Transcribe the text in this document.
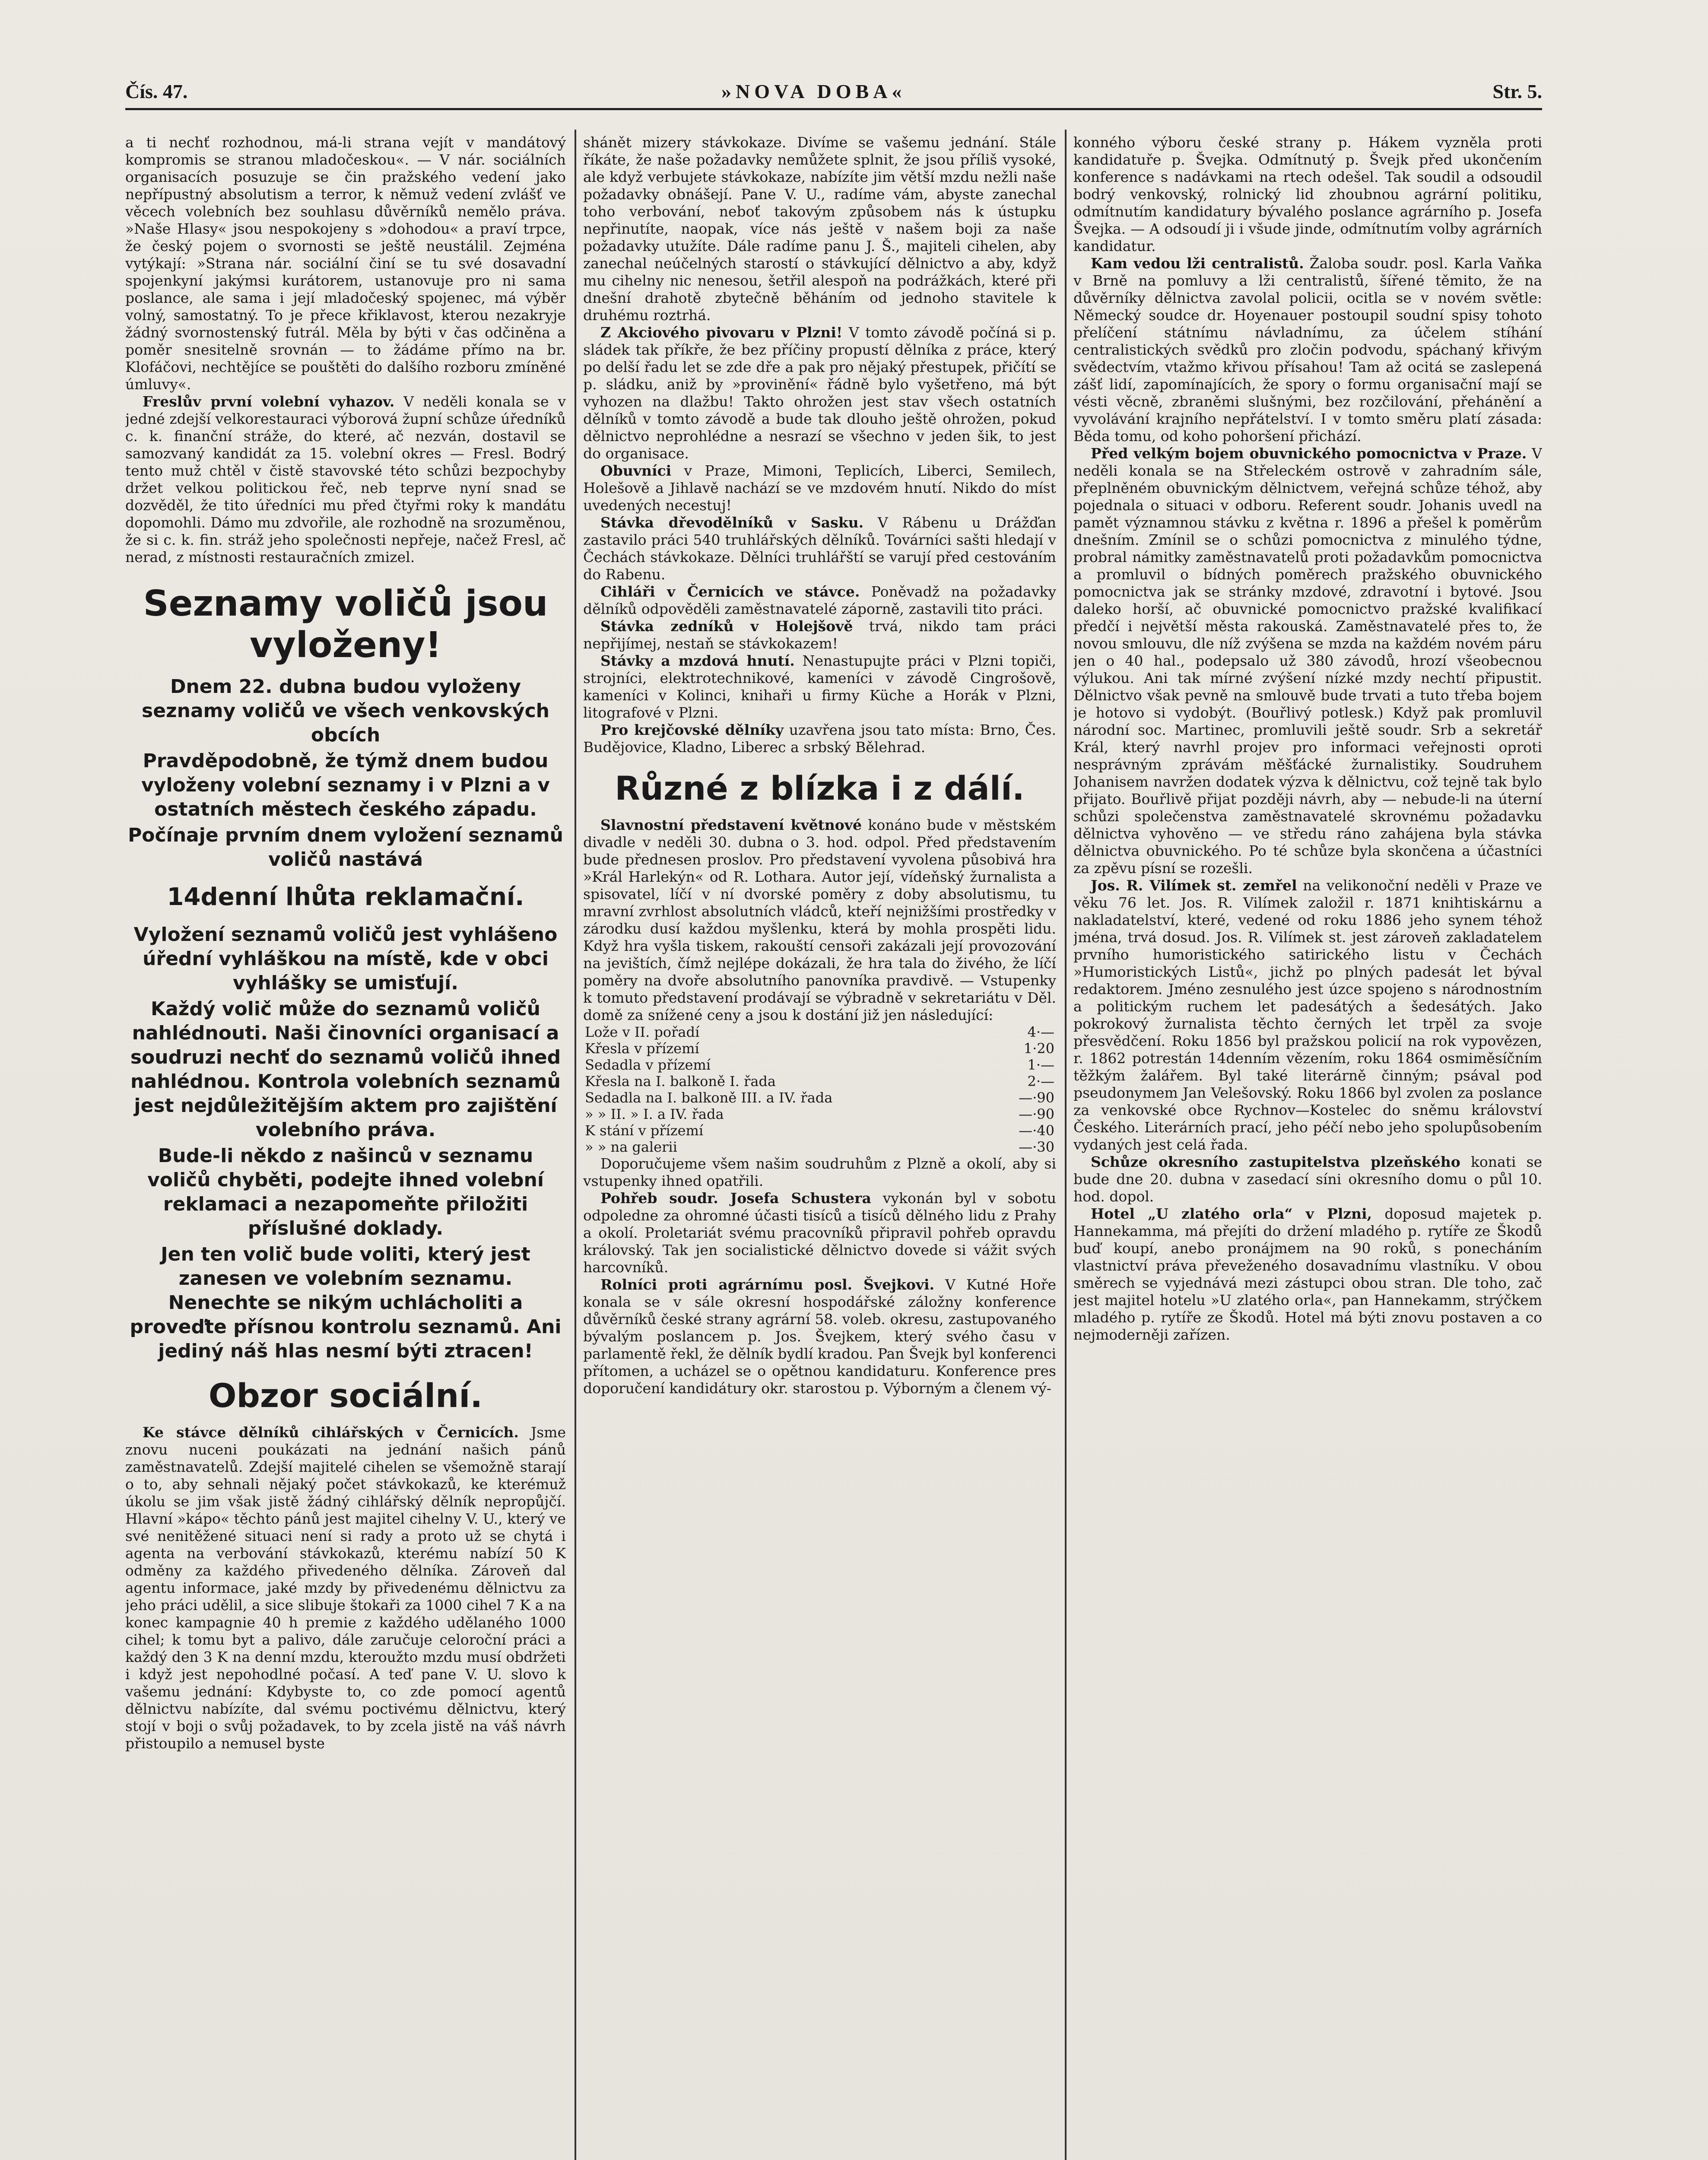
Čís. 47.	»NOVA DOBA«	Str. 5.

a ti nechť rozhodnou, má-li strana vejít v mandátový kompromis se stranou mladočeskou«. — V nár. sociálních organisacích posuzuje se čin pražského vedení jako nepřípustný absolutism a terror, k němuž vedení zvlášť ve věcech volebních bez souhlasu důvěrníků nemělo práva. »Naše Hlasy« jsou nespokojeny s »dohodou« a praví trpce, že český pojem o svornosti se ještě neustálil. Zejména vytýkají: »Strana nár. sociální činí se tu své dosavadní spojenkyní jakýmsi kurátorem, ustanovuje pro ni sama poslance, ale sama i její mladočeský spojenec, má výběr volný, samostatný. To je přece křiklavost, kterou nezakryje žádný svornostenský futrál. Měla by býti v čas odčiněna a poměr snesitelně srovnán — to žádáme přímo na br. Klofáčovi, nechtějíce se pouštěti do dalšího rozboru zmíněné úmluvy«.

Freslův první volební vyhazov. V neděli konala se v jedné zdejší velkorestauraci výborová župní schůze úředníků c. k. finanční stráže, do které, ač nezván, dostavil se samozvaný kandidát za 15. volební okres — Fresl. Bodrý tento muž chtěl v čistě stavovské této schůzi bezpochyby držet velkou politickou řeč, neb teprve nyní snad se dozvěděl, že tito úředníci mu před čtyřmi roky k mandátu dopomohli. Dámo mu zdvořile, ale rozhodně na srozuměnou, že si c. k. fin. stráž jeho společnosti nepřeje, načež Fresl, ač nerad, z místnosti restauračních zmizel.

Seznamy voličů jsou vyloženy!
Dnem 22. dubna budou vyloženy seznamy voličů ve všech venkovských obcích
Pravděpodobně, že týmž dnem budou vyloženy volební seznamy i v Plzni a v ostatních městech českého západu.
Počínaje prvním dnem vyložení seznamů voličů nastává
14denní lhůta reklamační.
Vyložení seznamů voličů jest vyhlášeno úřední vyhláškou na místě, kde v obci vyhlášky se umisťují.
Každý volič může do seznamů voličů nahlédnouti. Naši činovníci organisací a soudruzi nechť do seznamů voličů ihned nahlédnou. Kontrola volebních seznamů jest nejdůležitějším aktem pro zajištění volebního práva.
Bude-li někdo z našinců v seznamu voličů chyběti, podejte ihned volební reklamaci a nezapomeňte přiložiti příslušné doklady.
Jen ten volič bude voliti, který jest zanesen ve volebním seznamu. Nenechte se nikým uchlácholiti a proveďte přísnou kontrolu seznamů. Ani jediný náš hlas nesmí býti ztracen!
Obzor sociální.

Ke stávce dělníků cihlářských v Černicích. Jsme znovu nuceni poukázati na jednání našich pánů zaměstnavatelů. Zdejší majitelé cihelen se všemožně starají o to, aby sehnali nějaký počet stávkokazů, ke kterémuž úkolu se jim však jistě žádný cihlářský dělník nepropůjčí. Hlavní »kápo« těchto pánů jest majitel cihelny V. U., který ve své nenitěžené situaci není si rady a proto už se chytá i agenta na verbování stávkokazů, kterému nabízí 50 K odměny za každého přivedeného dělníka. Zároveň dal agentu informace, jaké mzdy by přivedenému dělnictvu za jeho práci udělil, a sice slibuje štokaři za 1000 cihel 7 K a na konec kampagnie 40 h premie z každého udělaného 1000 cihel; k tomu byt a palivo, dále zaručuje celoroční práci a každý den 3 K na denní mzdu, kteroužto mzdu musí obdržeti i když jest nepohodlné počasí. A teď pane V. U. slovo k vašemu jednání: Kdybyste to, co zde pomocí agentů dělnictvu nabízíte, dal svému poctivému dělnictvu, který stojí v boji o svůj požadavek, to by zcela jistě na váš návrh přistoupilo a nemusel byste

shánět mizery stávkokaze. Divíme se vašemu jednání. Stále říkáte, že naše požadavky nemůžete splnit, že jsou příliš vysoké, ale když verbujete stávkokaze, nabízíte jim větší mzdu nežli naše požadavky obnášejí. Pane V. U., radíme vám, abyste zanechal toho verbování, neboť takovým způsobem nás k ústupku nepřinutíte, naopak, více nás ještě v našem boji za naše požadavky utužíte. Dále radíme panu J. Š., majiteli cihelen, aby zanechal neúčelných starostí o stávkující dělnictvo a aby, když mu cihelny nic nenesou, šetřil alespoň na podrážkách, které při dnešní drahotě zbytečně běháním od jednoho stavitele k druhému roztrhá.

Z Akciového pivovaru v Plzni! V tomto závodě počíná si p. sládek tak příkře, že bez příčiny propustí dělníka z práce, který po delší řadu let se zde dře a pak pro nějaký přestupek, přičítí se p. sládku, aniž by »provinění« řádně bylo vyšetřeno, má být vyhozen na dlažbu! Takto ohrožen jest stav všech ostatních dělníků v tomto závodě a bude tak dlouho ještě ohrožen, pokud dělnictvo neprohlédne a nesrazí se všechno v jeden šik, to jest do organisace.

Obuvníci v Praze, Mimoni, Teplicích, Liberci, Semilech, Holešově a Jihlavě nachází se ve mzdovém hnutí. Nikdo do míst uvedených necestuj!

Stávka dřevodělníků v Sasku. V Rábenu u Drážďan zastavilo práci 540 truhlářských dělníků. Továrníci sašti hledají v Čechách stávkokaze. Dělníci truhlářští se varují před cestováním do Rabenu.

Cihláři v Černicích ve stávce. Poněvadž na požadavky dělníků odpověděli zaměstnavatelé záporně, zastavili tito práci.

Stávka zedníků v Holejšově trvá, nikdo tam práci nepřijímej, nestaň se stávkokazem!

Stávky a mzdová hnutí. Nenastupujte práci v Plzni topiči, strojníci, elektrotechnikové, kameníci v závodě Cingrošově, kameníci v Kolinci, knihaři u firmy Küche a Horák v Plzni, litografové v Plzni.

Pro krejčovské dělníky uzavřena jsou tato místa: Brno, Čes. Budějovice, Kladno, Liberec a srbský Bělehrad.

Různé z blízka i z dálí.

Slavnostní představení květnové konáno bude v městském divadle v neděli 30. dubna o 3. hod. odpol. Před představením bude přednesen proslov. Pro představení vyvolena působivá hra »Král Harlekýn« od R. Lothara. Autor její, vídeňský žurnalista a spisovatel, líčí v ní dvorské poměry z doby absolutismu, tu mravní zvrhlost absolutních vládců, kteří nejnižšími prostředky v zárodku dusí každou myšlenku, která by mohla prospěti lidu. Když hra vyšla tiskem, rakouští censoři zakázali její provozování na jevištích, čímž nejlépe dokázali, že hra tala do živého, že líčí poměry na dvoře absolutního panovníka pravdivě. — Vstupenky k tomuto představení prodávají se výbradně v sekretariátu v Děl. domě za snížené ceny a jsou k dostání již jen následující:

Lože v II. pořadí	4·—
Křesla v přízemí	1·20
Sedadla v přízemí	1·—
Křesla na I. balkoně I. řada	2·—
Sedadla na I. balkoně III. a IV. řada	—·90
» » II. » I. a IV. řada	—·90
K stání v přízemí	—·40
» » na galerii	—·30

Doporučujeme všem našim soudruhům z Plzně a okolí, aby si vstupenky ihned opatřili.

Pohřeb soudr. Josefa Schustera vykonán byl v sobotu odpoledne za ohromné účasti tisíců a tisíců dělného lidu z Prahy a okolí. Proletariát svému pracovníků připravil pohřeb opravdu královský. Tak jen socialistické dělnictvo dovede si vážit svých harcovníků.

Rolníci proti agrárnímu posl. Švejkovi. V Kutné Hoře konala se v sále okresní hospodářské záložny konference důvěrníků české strany agrární 58. voleb. okresu, zastupovaného bývalým poslancem p. Jos. Švejkem, který svého času v parlamentě řekl, že dělník bydlí kradou. Pan Švejk byl konferenci přítomen, a ucházel se o opětnou kandidaturu. Konference pres doporučení kandidátury okr. starostou p. Výborným a členem vý-

konného výboru české strany p. Hákem vyzněla proti kandidatuře p. Švejka. Odmítnutý p. Švejk před ukončením konference s nadávkami na rtech odešel. Tak soudil a odsoudil bodrý venkovský, rolnický lid zhoubnou agrární politiku, odmítnutím kandidatury bývalého poslance agrárního p. Josefa Švejka. — A odsoudí ji i všude jinde, odmítnutím volby agrárních kandidatur.

Kam vedou lži centralistů. Žaloba soudr. posl. Karla Vaňka v Brně na pomluvy a lži centralistů, šířené těmito, že na důvěrníky dělnictva zavolal policii, ocitla se v novém světle: Německý soudce dr. Hoyenauer postoupil soudní spisy tohoto přelíčení státnímu návladnímu, za účelem stíhání centralistických svědků pro zločin podvodu, spáchaný křivým svědectvím, vtažmo křivou přísahou! Tam až ocitá se zaslepená zášť lidí, zapomínajících, že spory o formu organisační mají se vésti věcně, zbraněmi slušnými, bez rozčilování, přehánění a vyvolávání krajního nepřátelství. I v tomto směru platí zásada: Běda tomu, od koho pohoršení přichází.

Před velkým bojem obuvnického pomocnictva v Praze. V neděli konala se na Střeleckém ostrově v zahradním sále, přeplněném obuvnickým dělnictvem, veřejná schůze téhož, aby pojednala o situaci v odboru. Referent soudr. Johanis uvedl na pamět významnou stávku z května r. 1896 a přešel k poměrům dnešním. Zmínil se o schůzi pomocnictva z minulého týdne, probral námitky zaměstnavatelů proti požadavkům pomocnictva a promluvil o bídných poměrech pražského obuvnického pomocnictva jak se stránky mzdové, zdravotní i bytové. Jsou daleko horší, ač obuvnické pomocnictvo pražské kvalifikací předčí i největší města rakouská. Zaměstnavatelé přes to, že novou smlouvu, dle níž zvýšena se mzda na každém novém páru jen o 40 hal., podepsalo už 380 závodů, hrozí všeobecnou výlukou. Ani tak mírné zvýšení nízké mzdy nechtí připustit. Dělnictvo však pevně na smlouvě bude trvati a tuto třeba bojem je hotovo si vydobýt. (Bouřlivý potlesk.) Když pak promluvil národní soc. Martinec, promluvili ještě soudr. Srb a sekretář Král, který navrhl projev pro informaci veřejnosti oproti nesprávným zprávám měšťácké žurnalistiky. Soudruhem Johanisem navržen dodatek výzva k dělnictvu, což tejně tak bylo přijato. Bouřlivě přijat později návrh, aby — nebude-li na úterní schůzi společenstva zaměstnavatelé skrovnému požadavku dělnictva vyhověno — ve středu ráno zahájena byla stávka dělnictva obuvnického. Po té schůze byla skončena a účastníci za zpěvu písní se rozešli.

Jos. R. Vilímek st. zemřel na velikonoční neděli v Praze ve věku 76 let. Jos. R. Vilímek založil r. 1871 knihtiskárnu a nakladatelství, které, vedené od roku 1886 jeho synem téhož jména, trvá dosud. Jos. R. Vilímek st. jest zároveň zakladatelem prvního humoristického satirického listu v Čechách »Humoristických Listů«, jichž po plných padesát let býval redaktorem. Jméno zesnulého jest úzce spojeno s národnostním a politickým ruchem let padesátých a šedesátých. Jako pokrokový žurnalista těchto černých let trpěl za svoje přesvědčení. Roku 1856 byl pražskou policií na rok vypovězen, r. 1862 potrestán 14denním vězením, roku 1864 osmiměsíčním těžkým žalářem. Byl také literárně činným; psával pod pseudonymem Jan Velešovský. Roku 1866 byl zvolen za poslance za venkovské obce Rychnov—Kostelec do sněmu království Českého. Literárních prací, jeho péčí nebo jeho spolupůsobením vydaných jest celá řada.

Schůze okresního zastupitelstva plzeňského konati se bude dne 20. dubna v zasedací síni okresního domu o půl 10. hod. dopol.

Hotel „U zlatého orla“ v Plzni, doposud majetek p. Hannekamma, má přejíti do držení mladého p. rytíře ze Škodů buď koupí, anebo pronájmem na 90 roků, s ponecháním vlastnictví práva převeženého dosavadnímu vlastníku. V obou směrech se vyjednává mezi zástupci obou stran. Dle toho, zač jest majitel hotelu »U zlatého orla«, pan Hannekamm, strýčkem mladého p. rytíře ze Škodů. Hotel má býti znovu postaven a co nejmoderněji zařízen.
